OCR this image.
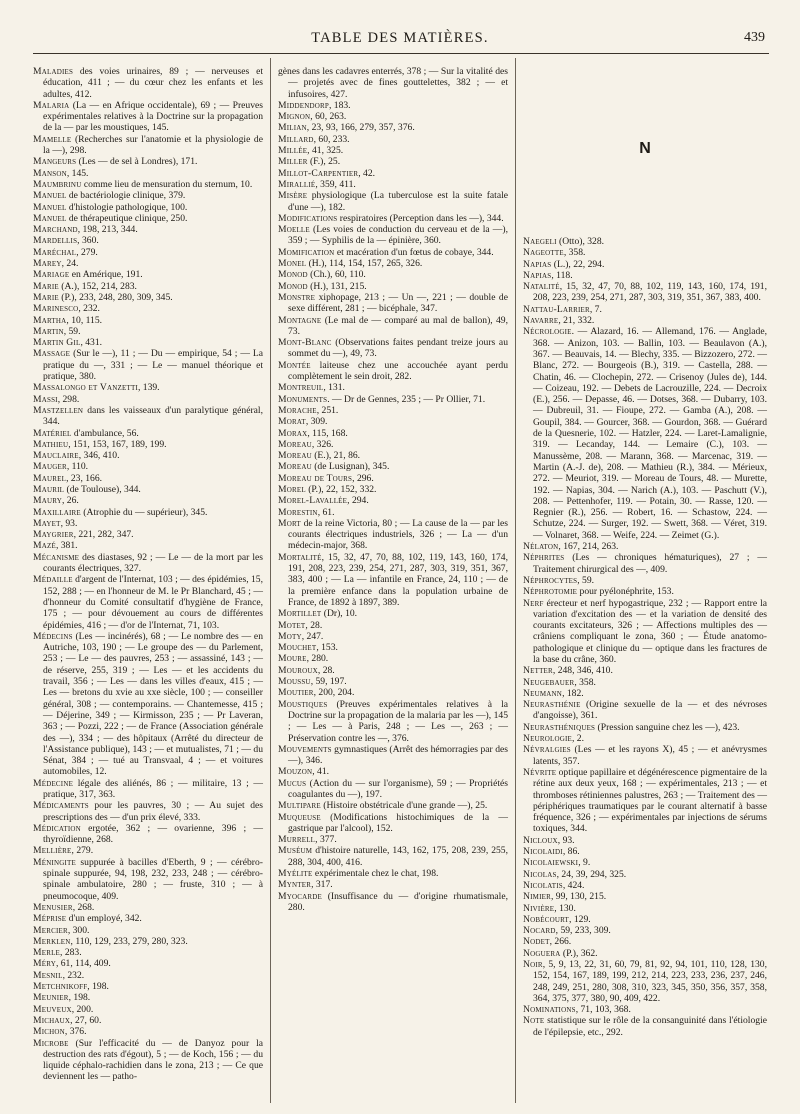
TABLE DES MATIÈRES.	439
Maladies des voies urinaires, 89 ; — nerveuses et éducation, 411 ; — du cœur chez les enfants et les adultes, 412.
Malaria (La — en Afrique occidentale), 69 ; — Preuves expérimentales relatives à la Doctrine sur la propagation de la — par les moustiques, 145.
Mamelle (Recherches sur l'anatomie et la physiologie de la —), 298.
Mangeurs (Les — de sel à Londres), 171.
Manson, 145.
Maumbrinu comme lieu de mensuration du sternum, 10.
Manuel de bactériologie clinique, 379.
Manuel d'histologie pathologique, 100.
Manuel de thérapeutique clinique, 250.
Marchand, 198, 213, 344.
Mardellis, 360.
Maréchal, 279.
Marey, 24.
Mariage en Amérique, 191.
Marie (A.), 152, 214, 283.
Marie (P.), 233, 248, 280, 309, 345.
Marinesco, 232.
Martha, 10, 115.
Martin, 59.
Martin Gil, 431.
Massage (Sur le —), 11 ; — Du — empirique, 54 ; — La pratique du —, 331 ; — Le — manuel théorique et pratique, 380.
Massalongo et Vanzetti, 139.
Massi, 298.
Mastzellen dans les vaisseaux d'un paralytique général, 344.
Matériel d'ambulance, 56.
Mathieu, 151, 153, 167, 189, 199.
Mauclaire, 346, 410.
Mauger, 110.
Maurel, 23, 166.
Mauril (de Toulouse), 344.
Maury, 26.
Maxillaire (Atrophie du — supérieur), 345.
Mayet, 93.
Maygrier, 221, 282, 347.
Mazé, 381.
Mécanisme des diastases, 92 ; — Le — de la mort par les courants électriques, 327.
Médaille d'argent de l'Internat, 103 ; — des épidémies, 15, 152, 288 ; — en l'honneur de M. le Pr Blanchard, 45 ; — d'honneur du Comité consultatif d'hygiène de France, 175 ; — pour dévouement au cours de différentes épidémies, 416 ; — d'or de l'Internat, 71, 103.
Médecins (Les — incinérés), 68 ; — Le nombre des — en Autriche, 103, 190 ; — Le groupe des — du Parlement, 253 ; — Le — des pauvres, 253 ; — assassiné, 143 ; — de réserve, 255, 319 ; — Les — et les accidents du travail, 356 ; — Les — dans les villes d'eaux, 415 ; — Les — bretons du xvie au xxe siècle, 100 ; — conseiller général, 308 ; — contemporains. — Chantemesse, 415 ; — Déjerine, 349 ; — Kirmisson, 235 ; — Pr Laveran, 363 ; — Pozzi, 222 ; — de France (Association générale des —), 334 ; — des hôpitaux (Arrêté du directeur de l'Assistance publique), 143 ; — et mutualistes, 71 ; — du Sénat, 384 ; — tué au Transvaal, 4 ; — et voitures automobiles, 12.
Médecine légale des aliénés, 86 ; — militaire, 13 ; — pratique, 317, 363.
Médicaments pour les pauvres, 30 ; — Au sujet des prescriptions des — d'un prix élevé, 333.
Médication ergotée, 362 ; — ovarienne, 396 ; — thyroïdienne, 268.
Mellière, 279.
Méningite suppurée à bacilles d'Eberth, 9 ; — cérébro-spinale suppurée, 94, 198, 232, 233, 248 ; — cérébro-spinale ambulatoire, 280 ; — fruste, 310 ; — à pneumocoque, 409.
Menusier, 268.
Méprise d'un employé, 342.
Mercier, 300.
Merklen, 110, 129, 233, 279, 280, 323.
Merle, 283.
Méry, 61, 114, 409.
Mesnil, 232.
Metchnikoff, 198.
Meunier, 198.
Meuveux, 200.
Michaux, 27, 60.
Michon, 376.
Microbe (Sur l'efficacité du — de Danyoz pour la destruction des rats d'égout), 5 ; — de Koch, 156 ; — du liquide céphalo-rachidien dans le zona, 213 ; — Ce que deviennent les — patho-
gènes dans les cadavres enterrés, 378 ; — Sur la vitalité des — projetés avec de fines gouttelettes, 382 ; — et infusoires, 427.
Middendorp, 183.
Mignon, 60, 263.
Milian, 23, 93, 166, 279, 357, 376.
Millard, 60, 233.
Millée, 41, 325.
Miller (F.), 25.
Millot-Carpentier, 42.
Mirallié, 359, 411.
Misère physiologique (La tuberculose est la suite fatale d'une —), 182.
Modifications respiratoires (Perception dans les —), 344.
Moelle (Les voies de conduction du cerveau et de la —), 359 ; — Syphilis de la — épinière, 360.
Momification et macération d'un fœtus de cobaye, 344.
Monel (H.), 114, 154, 157, 265, 326.
Monod (Ch.), 60, 110.
Monod (H.), 131, 215.
Monstre xiphopage, 213 ; — Un —, 221 ; — double de sexe différent, 281 ; — bicéphale, 347.
Montagne (Le mal de — comparé au mal de ballon), 49, 73.
Mont-Blanc (Observations faites pendant treize jours au sommet du —), 49, 73.
Montée laiteuse chez une accouchée ayant perdu complètement le sein droit, 282.
Montreuil, 131.
Monuments. — Dr de Gennes, 235 ; — Pr Ollier, 71.
Morache, 251.
Morat, 309.
Morax, 115, 168.
Moreau, 326.
Moreau (E.), 21, 86.
Moreau (de Lusignan), 345.
Moreau de Tours, 296.
Morel (P.), 22, 152, 332.
Morel-Lavallée, 294.
Morestin, 61.
Mort de la reine Victoria, 80 ; — La cause de la — par les courants électriques industriels, 326 ; — La — d'un médecin-major, 368.
Mortalité, 15, 32, 47, 70, 88, 102, 119, 143, 160, 174, 191, 208, 223, 239, 254, 271, 287, 303, 319, 351, 367, 383, 400 ; — La — infantile en France, 24, 110 ; — de la première enfance dans la population urbaine de France, de 1892 à 1897, 389.
Mortillet (Dr), 10.
Motet, 28.
Moty, 247.
Mouchet, 153.
Moure, 280.
Mouroux, 28.
Moussu, 59, 197.
Moutier, 200, 204.
Moustiques (Preuves expérimentales relatives à la Doctrine sur la propagation de la malaria par les —), 145 ; — Les — à Paris, 248 ; — Les —, 263 ; — Préservation contre les —, 376.
Mouvements gymnastiques (Arrêt des hémorragies par des —), 346.
Mouzon, 41.
Mucus (Action du — sur l'organisme), 59 ; — Propriétés coagulantes du —), 197.
Multipare (Histoire obstétricale d'une grande —), 25.
Muqueuse (Modifications histochimiques de la — gastrique par l'alcool), 152.
Murrell, 377.
Muséum d'histoire naturelle, 143, 162, 175, 208, 239, 255, 288, 304, 400, 416.
Myélite expérimentale chez le chat, 198.
Mynter, 317.
Myocarde (Insuffisance du — d'origine rhumatismale, 280.
N
Naegeli (Otto), 328.
Nageotte, 358.
Napias (L.), 22, 294.
Napias, 118.
Natalité, 15, 32, 47, 70, 88, 102, 119, 143, 160, 174, 191, 208, 223, 239, 254, 271, 287, 303, 319, 351, 367, 383, 400.
Nattau-Larrier, 7.
Navarre, 21, 332.
Nécrologie. — Alazard, 16. — Allemand, 176. — Anglade, 368. — Anizon, 103. — Ballin, 103. — Beaulavon (A.), 367. — Beauvais, 14. — Blechy, 335. — Bizzozero, 272. — Blanc, 272. — Bourgeois (B.), 319. — Castella, 288. — Chatin, 46. — Clochepin, 272. — Crisenoy (Jules de), 144. — Coizeau, 192. — Debets de Lacrouzille, 224. — Decroix (E.), 256. — Depasse, 46. — Dotses, 368. — Dubarry, 103. — Dubreuil, 31. — Fioupe, 272. — Gamba (A.), 208. — Goupil, 384. — Gourcer, 368. — Gourdon, 368. — Guérard de la Quesnerie, 102. — Hatzler, 224. — Laret-Lamalignie, 319. — Lecanday, 144. — Lemaire (C.), 103. — Manussème, 208. — Marann, 368. — Marcenac, 319. — Martin (A.-J. de), 208. — Mathieu (R.), 384. — Mérieux, 272. — Meuriot, 319. — Moreau de Tours, 48. — Murette, 192. — Napias, 304. — Narich (A.), 103. — Paschutt (V.), 208. — Pettenhofer, 119. — Potain, 30. — Rasse, 120. — Regnier (R.), 256. — Robert, 16. — Schastow, 224. — Schutze, 224. — Surger, 192. — Swett, 368. — Véret, 319. — Volnaret, 368. — Weife, 224. — Zeimet (G.).
Nélaton, 167, 214, 263.
Néphrites (Les — chroniques hématuriques), 27 ; — Traitement chirurgical des —, 409.
Néphrocytes, 59.
Néphrotomie pour pyélonéphrite, 153.
Nerf érecteur et nerf hypogastrique, 232 ; — Rapport entre la variation d'excitation des — et la variation de densité des courants excitateurs, 326 ; — Affections multiples des — crâniens compliquant le zona, 360 ; — Étude anatomo-pathologique et clinique du — optique dans les fractures de la base du crâne, 360.
Netter, 248, 346, 410.
Neugebauer, 358.
Neumann, 182.
Neurasthénie (Origine sexuelle de la — et des névroses d'angoisse), 361.
Neurasthéniques (Pression sanguine chez les —), 423.
Neurologie, 2.
Névralgies (Les — et les rayons X), 45 ; — et anévrysmes latents, 357.
Névrite optique papillaire et dégénérescence pigmentaire de la rétine aux deux yeux, 168 ; — expérimentales, 213 ; — et thromboses rétiniennes palustres, 263 ; — Traitement des — périphériques traumatiques par le courant alternatif à basse fréquence, 326 ; — expérimentales par injections de sérums toxiques, 344.
Nicloux, 93.
Nicolaidi, 86.
Nicolaiewski, 9.
Nicolas, 24, 39, 294, 325.
Nicolatis, 424.
Nimier, 99, 130, 215.
Nivière, 130.
Nobécourt, 129.
Nocard, 59, 233, 309.
Nodet, 266.
Noguera (P.), 362.
Noir, 5, 9, 13, 22, 31, 60, 79, 81, 92, 94, 101, 110, 128, 130, 152, 154, 167, 189, 199, 212, 214, 223, 233, 236, 237, 246, 248, 249, 251, 280, 308, 310, 323, 345, 350, 356, 357, 358, 364, 375, 377, 380, 90, 409, 422.
Nominations, 71, 103, 368.
Note statistique sur le rôle de la consanguinité dans l'étiologie de l'épilepsie, etc., 292.
